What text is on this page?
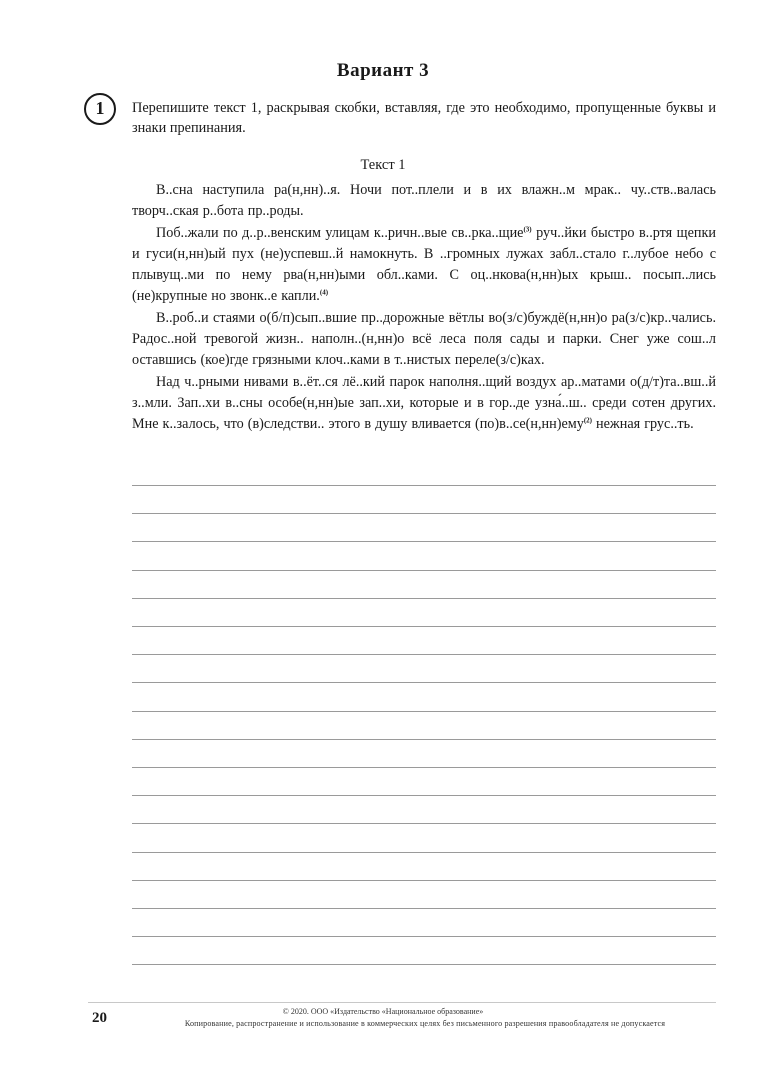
Вариант 3
1	Перепишите текст 1, раскрывая скобки, вставляя, где это необходимо, пропущенные буквы и знаки препинания.
Текст 1

В..сна наступила ра(н,нн)..я. Ночи пот..плели и в их влажн..м мрак.. чу..ств..валась творч..ская р..бота пр..роды.

Поб..жали по д..р..венским улицам к..ричн..вые св..рка..щие$^{(3)}$ руч..йки быстро в..ртя щепки и гуси(н,нн)ый пух (не)успевш..й намокнуть. В ..громных лужах забл..стало г..лубое небо с плывущ..ми по нему рва(н,нн)ыми обл..ками. С оц..нкова(н,нн)ых крыш.. посып..лись (не)крупные но звонк..е капли.$^{(4)}$

В..роб..и стаями о(б/п)сып..вшие пр..дорожные вётлы во(з/с)буждё(н,нн)о ра(з/с)кр..чались. Радос..ной тревогой жизн.. наполн..(н,нн)о всё леса поля сады и парки. Снег уже сош..л оставшись (кое)где грязными клоч..ками в т..нистых переле(з/с)ках.

Над ч..рными нивами в..ёт..ся лё..кий парок наполня..щий воздух ар..матами о(д/т)та..вш..й з..мли. Зап..хи в..сны особе(н,нн)ые зап..хи, которые и в гор..де узна́..ш.. среди сотен других. Мне к..залось, что (в)следстви.. этого в душу вливается (по)в..се(н,нн)ему$^{(2)}$ нежная грус..ть.

20	© 2020. ООО «Издательство «Национальное образование»
Копирование, распространение и использование в коммерческих целях без письменного разрешения правообладателя не допускается
